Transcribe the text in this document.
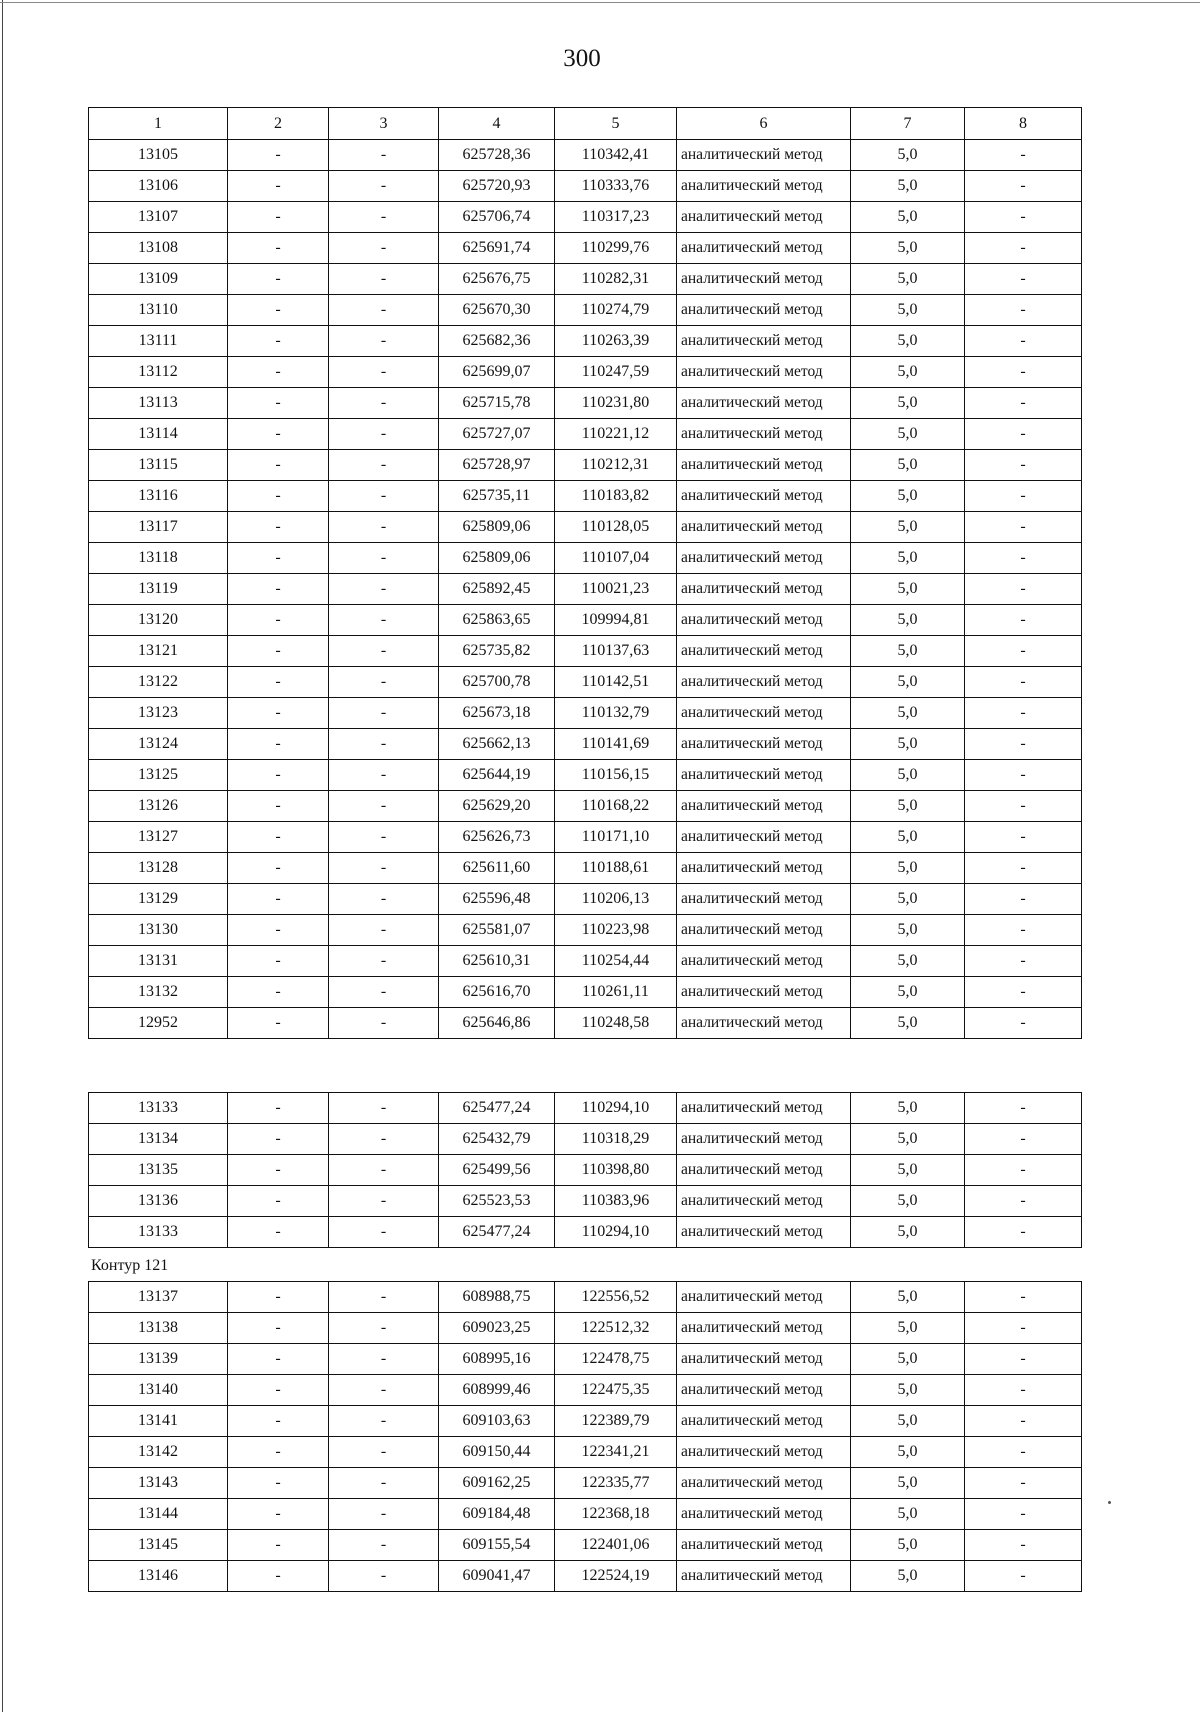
300
1	2	3	4	5	6	7	8
13105	-	-	625728,36	110342,41	аналитический метод	5,0	-
13106	-	-	625720,93	110333,76	аналитический метод	5,0	-
13107	-	-	625706,74	110317,23	аналитический метод	5,0	-
13108	-	-	625691,74	110299,76	аналитический метод	5,0	-
13109	-	-	625676,75	110282,31	аналитический метод	5,0	-
13110	-	-	625670,30	110274,79	аналитический метод	5,0	-
13111	-	-	625682,36	110263,39	аналитический метод	5,0	-
13112	-	-	625699,07	110247,59	аналитический метод	5,0	-
13113	-	-	625715,78	110231,80	аналитический метод	5,0	-
13114	-	-	625727,07	110221,12	аналитический метод	5,0	-
13115	-	-	625728,97	110212,31	аналитический метод	5,0	-
13116	-	-	625735,11	110183,82	аналитический метод	5,0	-
13117	-	-	625809,06	110128,05	аналитический метод	5,0	-
13118	-	-	625809,06	110107,04	аналитический метод	5,0	-
13119	-	-	625892,45	110021,23	аналитический метод	5,0	-
13120	-	-	625863,65	109994,81	аналитический метод	5,0	-
13121	-	-	625735,82	110137,63	аналитический метод	5,0	-
13122	-	-	625700,78	110142,51	аналитический метод	5,0	-
13123	-	-	625673,18	110132,79	аналитический метод	5,0	-
13124	-	-	625662,13	110141,69	аналитический метод	5,0	-
13125	-	-	625644,19	110156,15	аналитический метод	5,0	-
13126	-	-	625629,20	110168,22	аналитический метод	5,0	-
13127	-	-	625626,73	110171,10	аналитический метод	5,0	-
13128	-	-	625611,60	110188,61	аналитический метод	5,0	-
13129	-	-	625596,48	110206,13	аналитический метод	5,0	-
13130	-	-	625581,07	110223,98	аналитический метод	5,0	-
13131	-	-	625610,31	110254,44	аналитический метод	5,0	-
13132	-	-	625616,70	110261,11	аналитический метод	5,0	-
12952	-	-	625646,86	110248,58	аналитический метод	5,0	-
13133	-	-	625477,24	110294,10	аналитический метод	5,0	-
13134	-	-	625432,79	110318,29	аналитический метод	5,0	-
13135	-	-	625499,56	110398,80	аналитический метод	5,0	-
13136	-	-	625523,53	110383,96	аналитический метод	5,0	-
13133	-	-	625477,24	110294,10	аналитический метод	5,0	-
Контур 121
13137	-	-	608988,75	122556,52	аналитический метод	5,0	-
13138	-	-	609023,25	122512,32	аналитический метод	5,0	-
13139	-	-	608995,16	122478,75	аналитический метод	5,0	-
13140	-	-	608999,46	122475,35	аналитический метод	5,0	-
13141	-	-	609103,63	122389,79	аналитический метод	5,0	-
13142	-	-	609150,44	122341,21	аналитический метод	5,0	-
13143	-	-	609162,25	122335,77	аналитический метод	5,0	-
13144	-	-	609184,48	122368,18	аналитический метод	5,0	-
13145	-	-	609155,54	122401,06	аналитический метод	5,0	-
13146	-	-	609041,47	122524,19	аналитический метод	5,0	-
